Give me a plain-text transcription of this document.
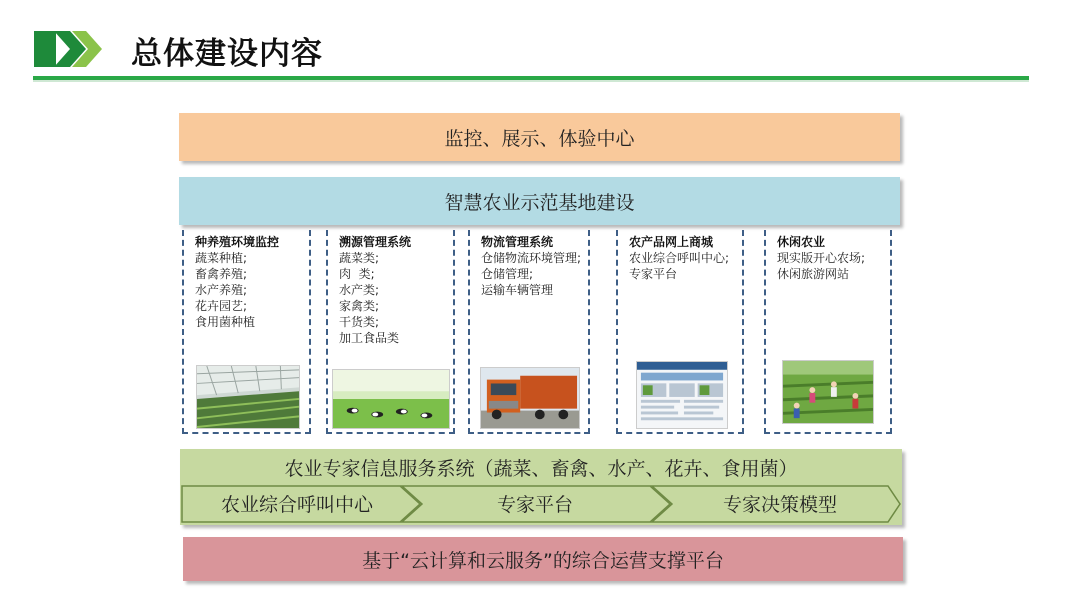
总体建设内容
监控、展示、体验中心
智慧农业示范基地建设
种养殖环境监控
蔬菜种植;
畜禽养殖;
水产养殖;
花卉园艺;
食用菌种植
溯源管理系统
蔬菜类;
肉  类;
水产类;
家禽类;
干货类;
加工食品类
物流管理系统
仓储物流环境管理;
仓储管理;
运输车辆管理
农产品网上商城
农业综合呼叫中心;
专家平台
休闲农业
现实版开心农场;
休闲旅游网站
农业专家信息服务系统（蔬菜、畜禽、水产、花卉、食用菌）
农业综合呼叫中心	专家平台	专家决策模型
基于“云计算和云服务”的综合运营支撑平台
